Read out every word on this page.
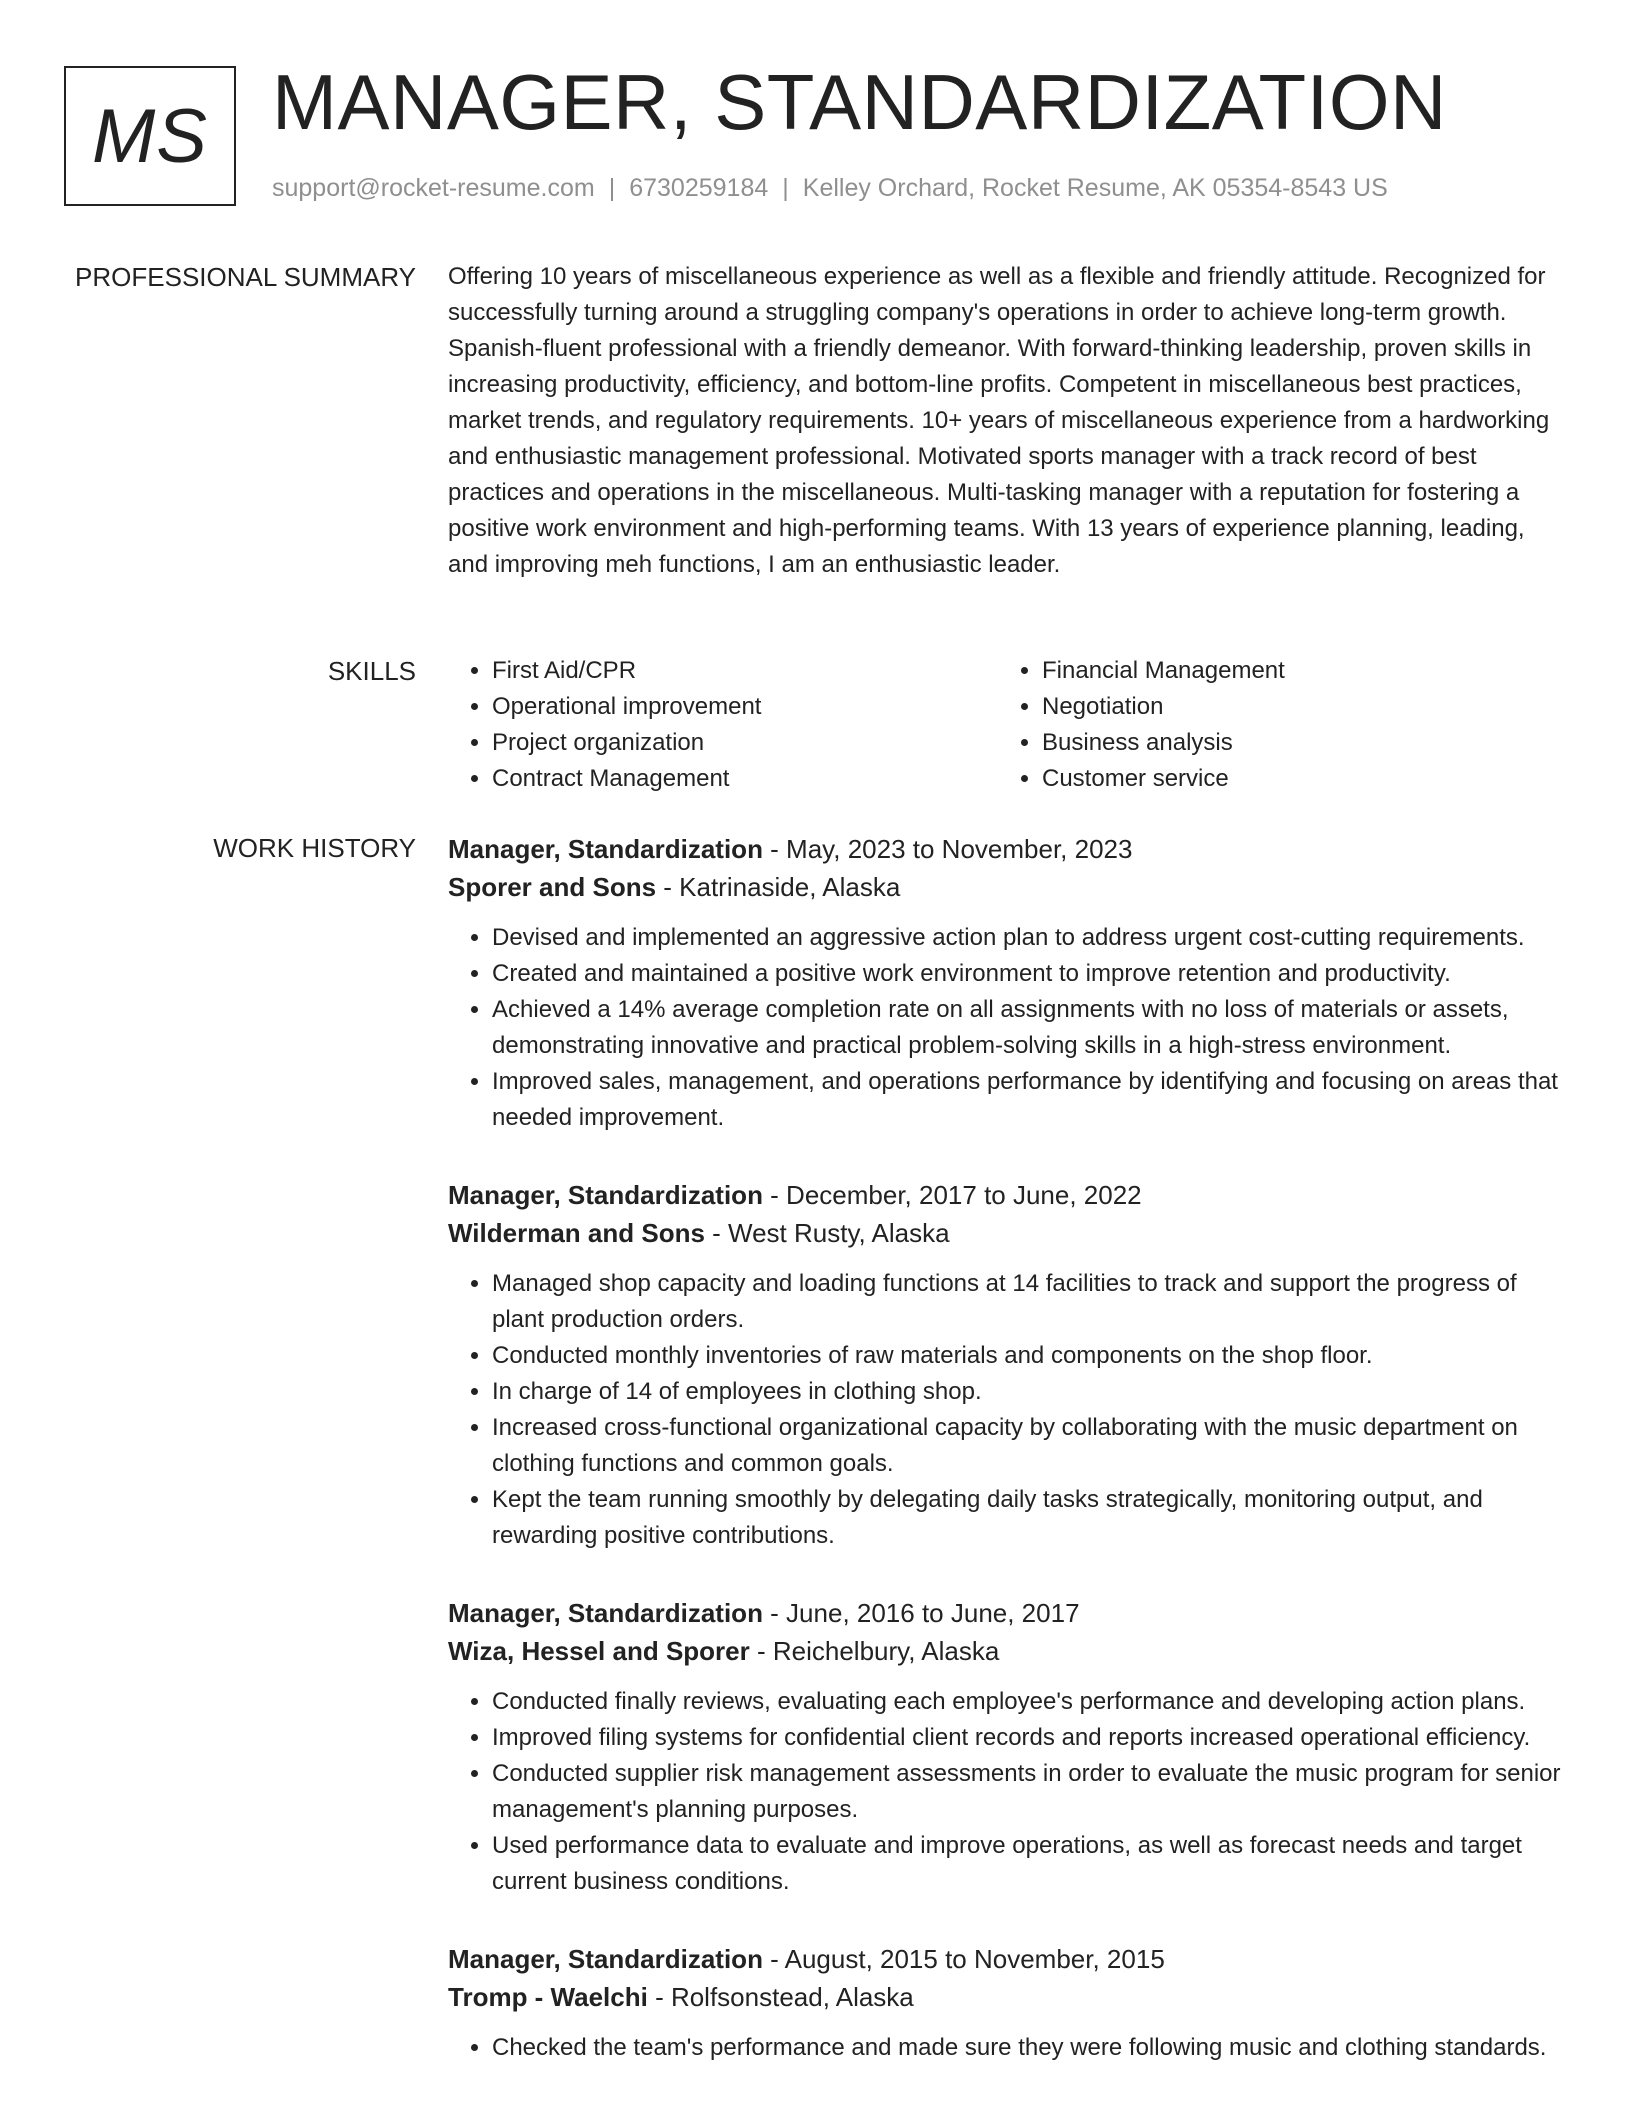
MS MANAGER, STANDARDIZATION
support@rocket-resume.com | 6730259184 | Kelley Orchard, Rocket Resume, AK 05354-8543 US
PROFESSIONAL SUMMARY Offering 10 years of miscellaneous experience as well as a flexible and friendly attitude. Recognized for successfully turning around a struggling company's operations in order to achieve long-term growth. Spanish-fluent professional with a friendly demeanor. With forward-thinking leadership, proven skills in increasing productivity, efficiency, and bottom-line profits. Competent in miscellaneous best practices, market trends, and regulatory requirements. 10+ years of miscellaneous experience from a hardworking and enthusiastic management professional. Motivated sports manager with a track record of best practices and operations in the miscellaneous. Multi-tasking manager with a reputation for fostering a positive work environment and high-performing teams. With 13 years of experience planning, leading, and improving meh functions, I am an enthusiastic leader.

SKILLS
•	First Aid/CPR
• Operational improvement
• Project organization
• Contract Management
• Financial Management
• Negotiation
• Business analysis
• Customer service
WORK HISTORY Manager, Standardization - May, 2023 to November, 2023
Sporer and Sons - Katrinaside, Alaska
• Devised and implemented an aggressive action plan to address urgent cost-cutting requirements.
• Created and maintained a positive work environment to improve retention and productivity.
• Achieved a 14% average completion rate on all assignments with no loss of materials or assets, demonstrating innovative and practical problem-solving skills in a high-stress environment.
• Improved sales, management, and operations performance by identifying and focusing on areas that needed improvement.
Manager, Standardization - December, 2017 to June, 2022
Wilderman and Sons - West Rusty, Alaska
• Managed shop capacity and loading functions at 14 facilities to track and support the progress of plant production orders.
• Conducted monthly inventories of raw materials and components on the shop floor.
• In charge of 14 of employees in clothing shop.
• Increased cross-functional organizational capacity by collaborating with the music department on clothing functions and common goals.
• Kept the team running smoothly by delegating daily tasks strategically, monitoring output, and rewarding positive contributions.
Manager, Standardization - June, 2016 to June, 2017
Wiza, Hessel and Sporer - Reichelbury, Alaska
• Conducted finally reviews, evaluating each employee's performance and developing action plans.
• Improved filing systems for confidential client records and reports increased operational efficiency.
• Conducted supplier risk management assessments in order to evaluate the music program for senior management's planning purposes.
• Used performance data to evaluate and improve operations, as well as forecast needs and target current business conditions.
Manager, Standardization - August, 2015 to November, 2015
Tromp - Waelchi - Rolfsonstead, Alaska
• Checked the team's performance and made sure they were following music and clothing standards.
